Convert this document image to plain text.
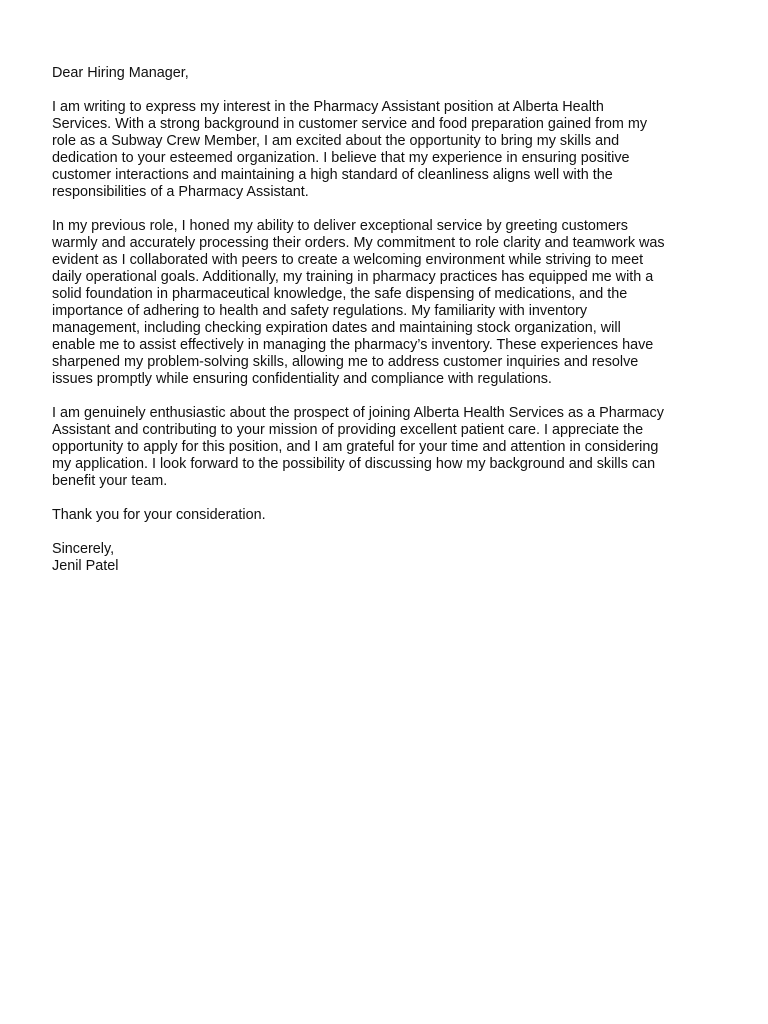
Dear Hiring Manager,

I am writing to express my interest in the Pharmacy Assistant position at Alberta Health
Services. With a strong background in customer service and food preparation gained from my
role as a Subway Crew Member, I am excited about the opportunity to bring my skills and
dedication to your esteemed organization. I believe that my experience in ensuring positive
customer interactions and maintaining a high standard of cleanliness aligns well with the
responsibilities of a Pharmacy Assistant.

In my previous role, I honed my ability to deliver exceptional service by greeting customers
warmly and accurately processing their orders. My commitment to role clarity and teamwork was
evident as I collaborated with peers to create a welcoming environment while striving to meet
daily operational goals. Additionally, my training in pharmacy practices has equipped me with a
solid foundation in pharmaceutical knowledge, the safe dispensing of medications, and the
importance of adhering to health and safety regulations. My familiarity with inventory
management, including checking expiration dates and maintaining stock organization, will
enable me to assist effectively in managing the pharmacy’s inventory. These experiences have
sharpened my problem-solving skills, allowing me to address customer inquiries and resolve
issues promptly while ensuring confidentiality and compliance with regulations.

I am genuinely enthusiastic about the prospect of joining Alberta Health Services as a Pharmacy
Assistant and contributing to your mission of providing excellent patient care. I appreciate the
opportunity to apply for this position, and I am grateful for your time and attention in considering
my application. I look forward to the possibility of discussing how my background and skills can
benefit your team.

Thank you for your consideration.

Sincerely,
Jenil Patel
